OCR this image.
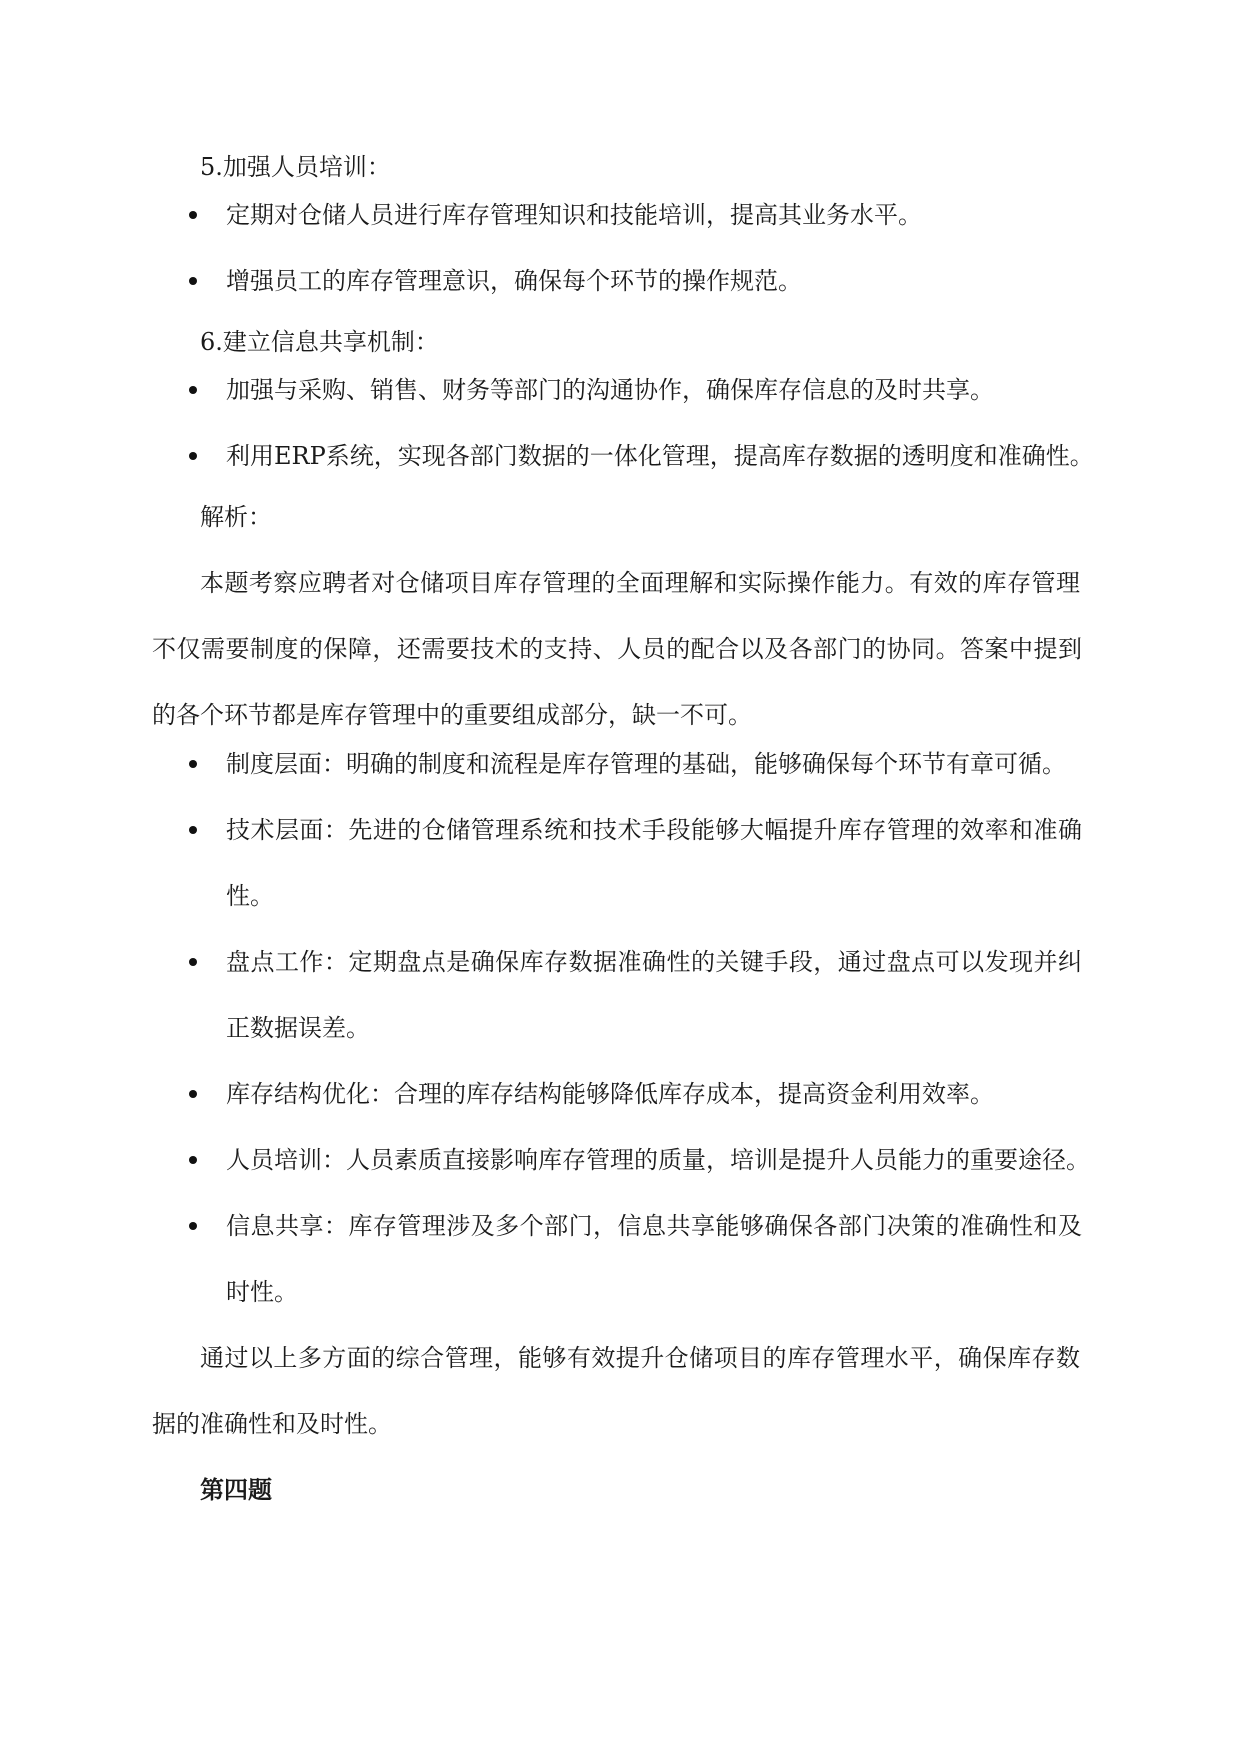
5.加强人员培训：
定期对仓储人员进行库存管理知识和技能培训，提高其业务水平。
增强员工的库存管理意识，确保每个环节的操作规范。
6.建立信息共享机制：
加强与采购、销售、财务等部门的沟通协作，确保库存信息的及时共享。
利用ERP系统，实现各部门数据的一体化管理，提高库存数据的透明度和准确性。
解析：
本题考察应聘者对仓储项目库存管理的全面理解和实际操作能力。有效的库存管理
不仅需要制度的保障，还需要技术的支持、人员的配合以及各部门的协同。答案中提到
的各个环节都是库存管理中的重要组成部分，缺一不可。
制度层面：明确的制度和流程是库存管理的基础，能够确保每个环节有章可循。
技术层面：先进的仓储管理系统和技术手段能够大幅提升库存管理的效率和准确
性。
盘点工作：定期盘点是确保库存数据准确性的关键手段，通过盘点可以发现并纠
正数据误差。
库存结构优化：合理的库存结构能够降低库存成本，提高资金利用效率。
人员培训：人员素质直接影响库存管理的质量，培训是提升人员能力的重要途径。
信息共享：库存管理涉及多个部门，信息共享能够确保各部门决策的准确性和及
时性。
通过以上多方面的综合管理，能够有效提升仓储项目的库存管理水平，确保库存数
据的准确性和及时性。
第四题
